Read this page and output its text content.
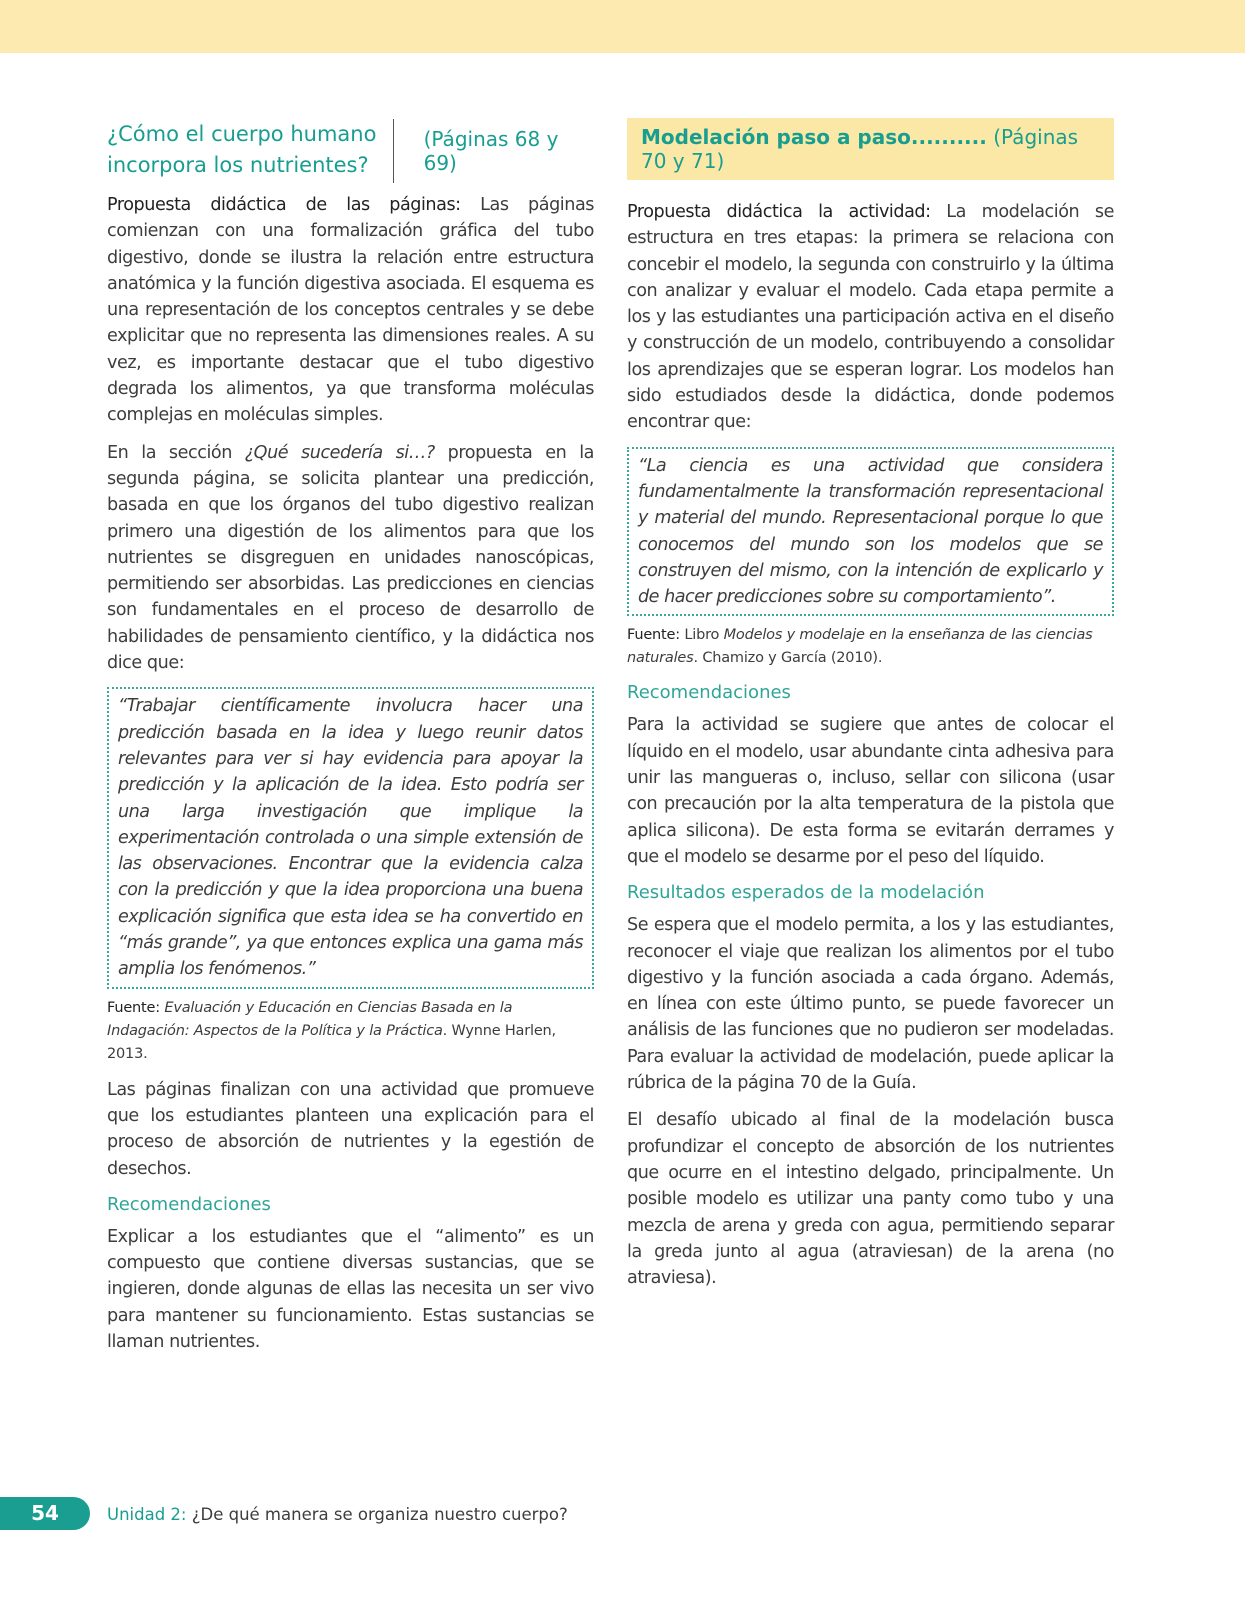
¿Cómo el cuerpo humano incorpora los nutrientes?
(Páginas 68 y 69)

Propuesta didáctica de las páginas: Las páginas comienzan con una formalización gráfica del tubo digestivo, donde se ilustra la relación entre estructura anatómica y la función digestiva asociada. El esquema es una representación de los conceptos centrales y se debe explicitar que no representa las dimensiones reales. A su vez, es importante destacar que el tubo digestivo degrada los alimentos, ya que transforma moléculas complejas en moléculas simples.

En la sección ¿Qué sucedería si…? propuesta en la segunda página, se solicita plantear una predicción, basada en que los órganos del tubo digestivo realizan primero una digestión de los alimentos para que los nutrientes se disgreguen en unidades nanoscópicas, permitiendo ser absorbidas. Las predicciones en ciencias son fundamentales en el proceso de desarrollo de habilidades de pensamiento científico, y la didáctica nos dice que:

“Trabajar científicamente involucra hacer una predicción basada en la idea y luego reunir datos relevantes para ver si hay evidencia para apoyar la predicción y la aplicación de la idea. Esto podría ser una larga investigación que implique la experimentación controlada o una simple extensión de las observaciones. Encontrar que la evidencia calza con la predicción y que la idea proporciona una buena explicación significa que esta idea se ha convertido en “más grande”, ya que entonces explica una gama más amplia los fenómenos.”

Fuente: Evaluación y Educación en Ciencias Basada en la Indagación: Aspectos de la Política y la Práctica. Wynne Harlen, 2013.

Las páginas finalizan con una actividad que promueve que los estudiantes planteen una explicación para el proceso de absorción de nutrientes y la egestión de desechos.

Recomendaciones

Explicar a los estudiantes que el “alimento” es un compuesto que contiene diversas sustancias, que se ingieren, donde algunas de ellas las necesita un ser vivo para mantener su funcionamiento. Estas sustancias se llaman nutrientes.

Modelación paso a paso.......... (Páginas 70 y 71)

Propuesta didáctica la actividad: La modelación se estructura en tres etapas: la primera se relaciona con concebir el modelo, la segunda con construirlo y la última con analizar y evaluar el modelo. Cada etapa permite a los y las estudiantes una participación activa en el diseño y construcción de un modelo, contribuyendo a consolidar los aprendizajes que se esperan lograr. Los modelos han sido estudiados desde la didáctica, donde podemos encontrar que:

“La ciencia es una actividad que considera fundamentalmente la transformación representacional y material del mundo. Representacional porque lo que conocemos del mundo son los modelos que se construyen del mismo, con la intención de explicarlo y de hacer predicciones sobre su comportamiento”.

Fuente: Libro Modelos y modelaje en la enseñanza de las ciencias naturales. Chamizo y García (2010).

Recomendaciones

Para la actividad se sugiere que antes de colocar el líquido en el modelo, usar abundante cinta adhesiva para unir las mangueras o, incluso, sellar con silicona (usar con precaución por la alta temperatura de la pistola que aplica silicona). De esta forma se evitarán derrames y que el modelo se desarme por el peso del líquido.

Resultados esperados de la modelación

Se espera que el modelo permita, a los y las estudiantes, reconocer el viaje que realizan los alimentos por el tubo digestivo y la función asociada a cada órgano. Además, en línea con este último punto, se puede favorecer un análisis de las funciones que no pudieron ser modeladas. Para evaluar la actividad de modelación, puede aplicar la rúbrica de la página 70 de la Guía.

El desafío ubicado al final de la modelación busca profundizar el concepto de absorción de los nutrientes que ocurre en el intestino delgado, principalmente. Un posible modelo es utilizar una panty como tubo y una mezcla de arena y greda con agua, permitiendo separar la greda junto al agua (atraviesan) de la arena (no atraviesa).

54	Unidad 2: ¿De qué manera se organiza nuestro cuerpo?
